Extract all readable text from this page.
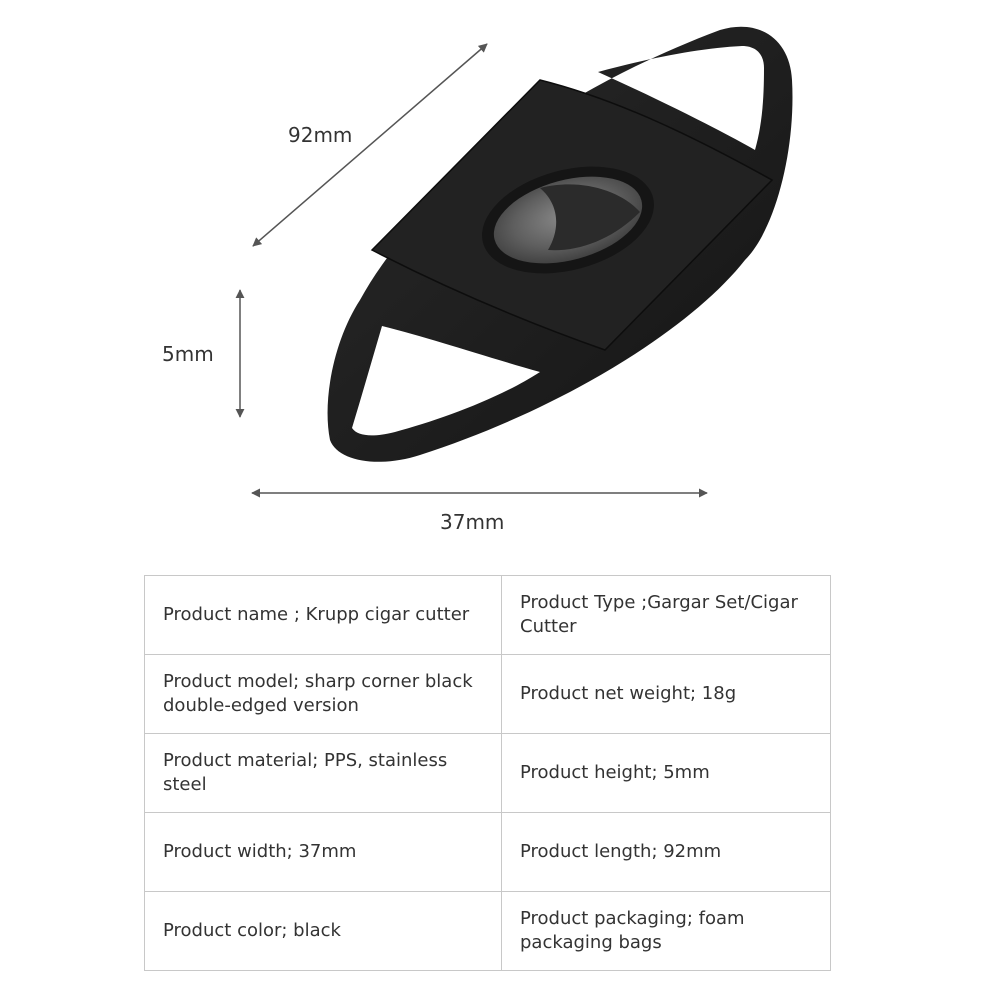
92mm
5mm
37mm
Product name ; Krupp cigar cutter	Product Type ;Gargar Set/Cigar Cutter
Product model; sharp corner black double-edged version	Product net weight; 18g
Product material; PPS, stainless steel	Product height; 5mm
Product width; 37mm	Product length; 92mm
Product color; black	Product packaging; foam packaging bags
